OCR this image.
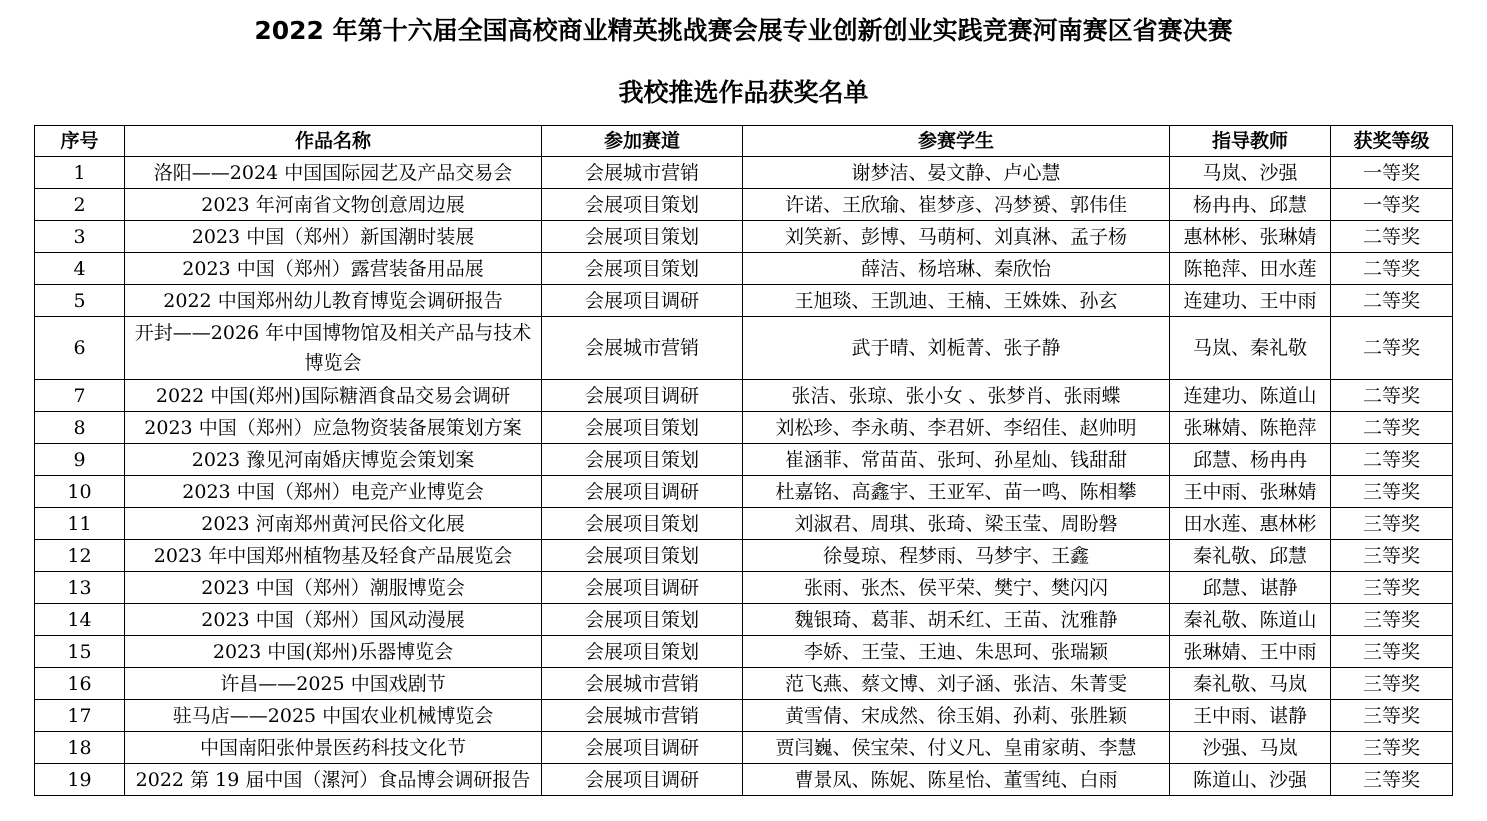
2022 年第十六届全国高校商业精英挑战赛会展专业创新创业实践竞赛河南赛区省赛决赛
我校推选作品获奖名单
序号	作品名称	参加赛道	参赛学生	指导教师	获奖等级
1	洛阳——2024 中国国际园艺及产品交易会	会展城市营销	谢梦洁、晏文静、卢心慧	马岚、沙强	一等奖
2	2023 年河南省文物创意周边展	会展项目策划	许诺、王欣瑜、崔梦彦、冯梦赟、郭伟佳	杨冉冉、邱慧	一等奖
3	2023 中国（郑州）新国潮时装展	会展项目策划	刘笑新、彭博、马萌柯、刘真淋、孟子杨	惠林彬、张琳婧	二等奖
4	2023 中国（郑州）露营装备用品展	会展项目策划	薛洁、杨培琳、秦欣怡	陈艳萍、田水莲	二等奖
5	2022 中国郑州幼儿教育博览会调研报告	会展项目调研	王旭琰、王凯迪、王楠、王姝姝、孙玄	连建功、王中雨	二等奖
6	开封——2026 年中国博物馆及相关产品与技术博览会	会展城市营销	武于晴、刘栀菁、张子静	马岚、秦礼敬	二等奖
7	2022 中国(郑州)国际糖酒食品交易会调研	会展项目调研	张洁、张琼、张小女 、张梦肖、张雨蝶	连建功、陈道山	二等奖
8	2023 中国（郑州）应急物资装备展策划方案	会展项目策划	刘松珍、李永萌、李君妍、李绍佳、赵帅明	张琳婧、陈艳萍	二等奖
9	2023 豫见河南婚庆博览会策划案	会展项目策划	崔涵菲、常苗苗、张珂、孙星灿、钱甜甜	邱慧、杨冉冉	二等奖
10	2023 中国（郑州）电竞产业博览会	会展项目调研	杜嘉铭、高鑫宇、王亚军、苗一鸣、陈相攀	王中雨、张琳婧	三等奖
11	2023 河南郑州黄河民俗文化展	会展项目策划	刘淑君、周琪、张琦、梁玉莹、周盼磐	田水莲、惠林彬	三等奖
12	2023 年中国郑州植物基及轻食产品展览会	会展项目策划	徐曼琼、程梦雨、马梦宇、王鑫	秦礼敬、邱慧	三等奖
13	2023 中国（郑州）潮服博览会	会展项目调研	张雨、张杰、侯平荣、樊宁、樊闪闪	邱慧、谌静	三等奖
14	2023 中国（郑州）国风动漫展	会展项目策划	魏银琦、葛菲、胡禾红、王苗、沈雅静	秦礼敬、陈道山	三等奖
15	2023 中国(郑州)乐器博览会	会展项目策划	李娇、王莹、王迪、朱思珂、张瑞颖	张琳婧、王中雨	三等奖
16	许昌——2025 中国戏剧节	会展城市营销	范飞燕、蔡文博、刘子涵、张洁、朱菁雯	秦礼敬、马岚	三等奖
17	驻马店——2025 中国农业机械博览会	会展城市营销	黄雪倩、宋成然、徐玉娟、孙莉、张胜颖	王中雨、谌静	三等奖
18	中国南阳张仲景医药科技文化节	会展项目调研	贾闫巍、侯宝荣、付义凡、皇甫家萌、李慧	沙强、马岚	三等奖
19	2022 第 19 届中国（漯河）食品博会调研报告	会展项目调研	曹景凤、陈妮、陈星怡、董雪纯、白雨	陈道山、沙强	三等奖
